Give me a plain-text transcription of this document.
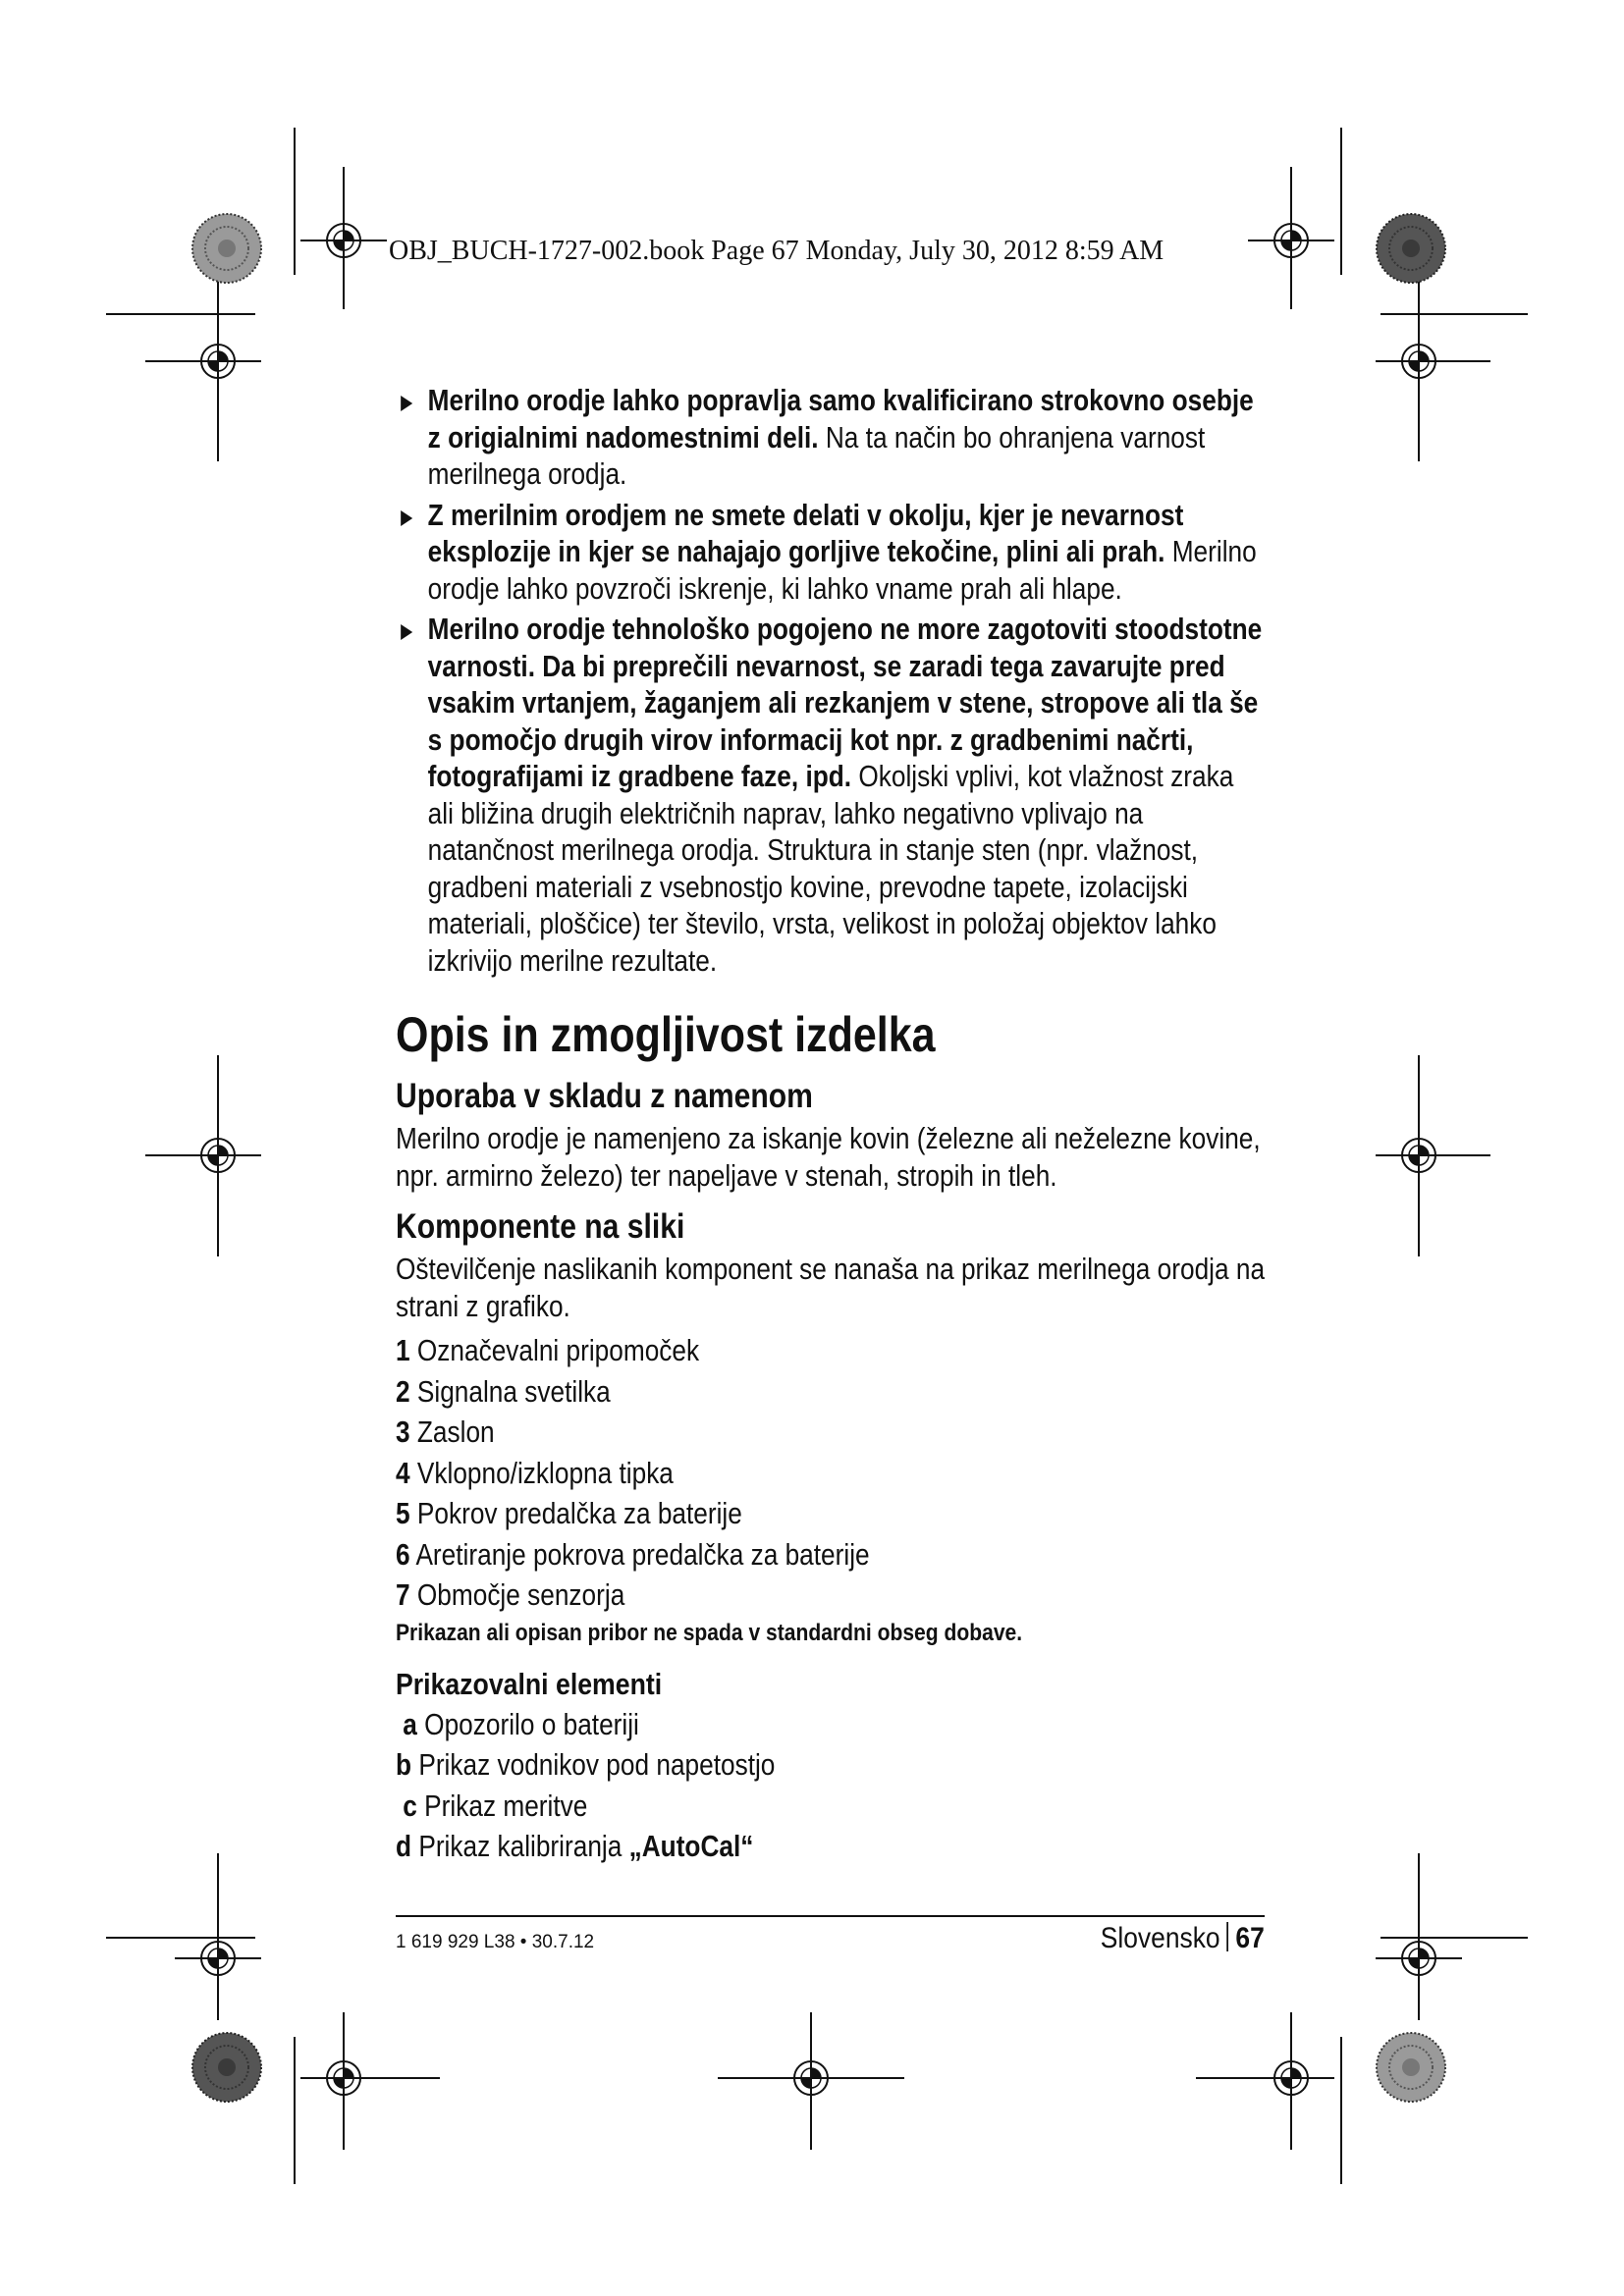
OBJ_BUCH-1727-002.book Page 67 Monday, July 30, 2012 8:59 AM
Merilno orodje lahko popravlja samo kvalificirano strokovno osebje z origialnimi nadomestnimi deli. Na ta način bo ohranjena varnost merilnega orodja.
Z merilnim orodjem ne smete delati v okolju, kjer je nevarnost eksplozije in kjer se nahajajo gorljive tekočine, plini ali prah. Merilno orodje lahko povzroči iskrenje, ki lahko vname prah ali hlape.
Merilno orodje tehnološko pogojeno ne more zagotoviti stoodstotne varnosti. Da bi preprečili nevarnost, se zaradi tega zavarujte pred vsakim vrtanjem, žaganjem ali rezkanjem v stene, stropove ali tla še s pomočjo drugih virov informacij kot npr. z gradbenimi načrti, fotografijami iz gradbene faze, ipd. Okoljski vplivi, kot vlažnost zraka ali bližina drugih električnih naprav, lahko negativno vplivajo na natančnost merilnega orodja. Struktura in stanje sten (npr. vlažnost, gradbeni materiali z vsebnostjo kovine, prevodne tapete, izolacijski materiali, ploščice) ter število, vrsta, velikost in položaj objektov lahko izkrivijo merilne rezultate.
Opis in zmogljivost izdelka
Uporaba v skladu z namenom
Merilno orodje je namenjeno za iskanje kovin (železne ali neželezne kovine, npr. armirno železo) ter napeljave v stenah, stropih in tleh.
Komponente na sliki
Oštevilčenje naslikanih komponent se nanaša na prikaz merilnega orodja na strani z grafiko.
1 Označevalni pripomoček
2 Signalna svetilka
3 Zaslon
4 Vklopno/izklopna tipka
5 Pokrov predalčka za baterije
6 Aretiranje pokrova predalčka za baterije
7 Območje senzorja
Prikazan ali opisan pribor ne spada v standardni obseg dobave.
Prikazovalni elementi
a Opozorilo o bateriji
b Prikaz vodnikov pod napetostjo
c Prikaz meritve
d Prikaz kalibriranja „AutoCal“
1 619 929 L38 • 30.7.12	Slovensko 67
